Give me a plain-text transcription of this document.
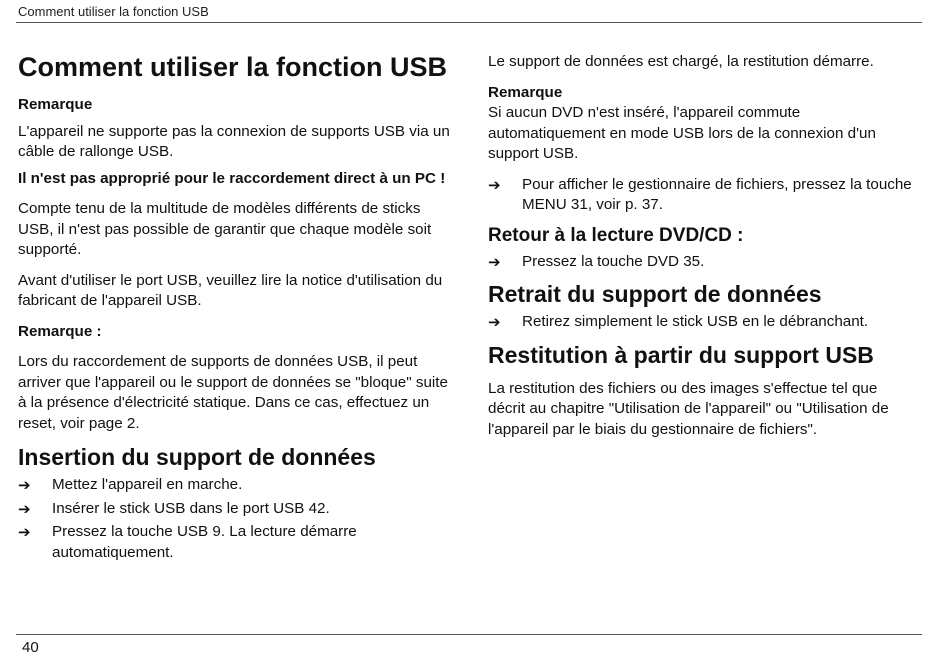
Comment utiliser la fonction USB
Comment utiliser la fonction USB

Remarque

L'appareil ne supporte pas la connexion de supports USB via un câble de rallonge USB.

Il n'est pas approprié pour le raccordement direct à un PC !

Compte tenu de la multitude de modèles différents de sticks USB, il n'est pas possible de garantir que chaque modèle soit supporté.

Avant d'utiliser le port USB, veuillez lire la notice d'utilisation du fabricant de l'appareil USB.

Remarque :

Lors du raccordement de supports de données USB, il peut arriver que l'appareil ou le support de données se "bloque" suite à la présence d'électricité statique. Dans ce cas, effectuez un reset, voir page 2.

Insertion du support de données
➔	Mettez l'appareil en marche.
➔	Insérer le stick USB dans le port USB 42.
➔	Pressez la touche USB 9. La lecture démarre automatiquement.

Le support de données est chargé, la restitution démarre.

Remarque

Si aucun DVD n'est inséré, l'appareil commute automatiquement en mode USB lors de la connexion d'un support USB.

➔	Pour afficher le gestionnaire de fichiers, pressez la touche MENU 31, voir p. 37.
Retour à la lecture DVD/CD :
➔	Pressez la touche DVD 35.
Retrait du support de données
➔	Retirez simplement le stick USB en le débranchant.
Restitution à partir du support USB

La restitution des fichiers ou des images s'effectue tel que décrit au chapitre "Utilisation de l'appareil" ou "Utilisation de l'appareil par le biais du gestionnaire de fichiers".

40
